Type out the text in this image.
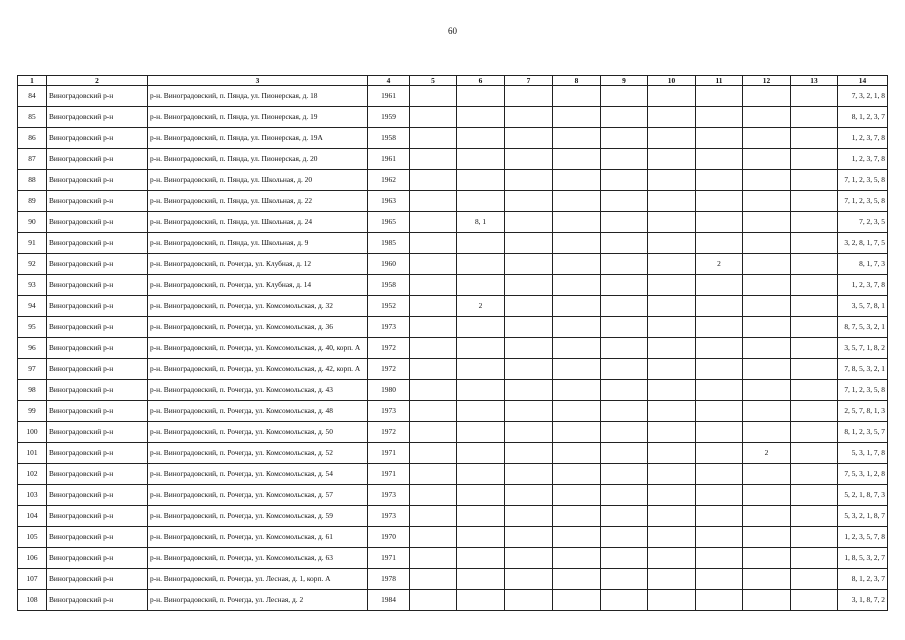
60
1	2	3	4	5	6	7	8	9	10	11	12	13	14
84	Виноградовский р-н	р-н. Виноградовский, п. Пянда, ул. Пионерская, д. 18	1961										7, 3, 2, 1, 8
85	Виноградовский р-н	р-н. Виноградовский, п. Пянда, ул. Пионерская, д. 19	1959										8, 1, 2, 3, 7
86	Виноградовский р-н	р-н. Виноградовский, п. Пянда, ул. Пионерская, д. 19А	1958										1, 2, 3, 7, 8
87	Виноградовский р-н	р-н. Виноградовский, п. Пянда, ул. Пионерская, д. 20	1961										1, 2, 3, 7, 8
88	Виноградовский р-н	р-н. Виноградовский, п. Пянда, ул. Школьная, д. 20	1962										7, 1, 2, 3, 5, 8
89	Виноградовский р-н	р-н. Виноградовский, п. Пянда, ул. Школьная, д. 22	1963										7, 1, 2, 3, 5, 8
90	Виноградовский р-н	р-н. Виноградовский, п. Пянда, ул. Школьная, д. 24	1965		8, 1								7, 2, 3, 5
91	Виноградовский р-н	р-н. Виноградовский, п. Пянда, ул. Школьная, д. 9	1985										3, 2, 8, 1, 7, 5
92	Виноградовский р-н	р-н. Виноградовский, п. Рочегда, ул. Клубная, д. 12	1960							2			8, 1, 7, 3
93	Виноградовский р-н	р-н. Виноградовский, п. Рочегда, ул. Клубная, д. 14	1958										1, 2, 3, 7, 8
94	Виноградовский р-н	р-н. Виноградовский, п. Рочегда, ул. Комсомольская, д. 32	1952		2								3, 5, 7, 8, 1
95	Виноградовский р-н	р-н. Виноградовский, п. Рочегда, ул. Комсомольская, д. 36	1973										8, 7, 5, 3, 2, 1
96	Виноградовский р-н	р-н. Виноградовский, п. Рочегда, ул. Комсомольская, д. 40, корп. А	1972										3, 5, 7, 1, 8, 2
97	Виноградовский р-н	р-н. Виноградовский, п. Рочегда, ул. Комсомольская, д. 42, корп. А	1972										7, 8, 5, 3, 2, 1
98	Виноградовский р-н	р-н. Виноградовский, п. Рочегда, ул. Комсомольская, д. 43	1980										7, 1, 2, 3, 5, 8
99	Виноградовский р-н	р-н. Виноградовский, п. Рочегда, ул. Комсомольская, д. 48	1973										2, 5, 7, 8, 1, 3
100	Виноградовский р-н	р-н. Виноградовский, п. Рочегда, ул. Комсомольская, д. 50	1972										8, 1, 2, 3, 5, 7
101	Виноградовский р-н	р-н. Виноградовский, п. Рочегда, ул. Комсомольская, д. 52	1971								2		5, 3, 1, 7, 8
102	Виноградовский р-н	р-н. Виноградовский, п. Рочегда, ул. Комсомольская, д. 54	1971										7, 5, 3, 1, 2, 8
103	Виноградовский р-н	р-н. Виноградовский, п. Рочегда, ул. Комсомольская, д. 57	1973										5, 2, 1, 8, 7, 3
104	Виноградовский р-н	р-н. Виноградовский, п. Рочегда, ул. Комсомольская, д. 59	1973										5, 3, 2, 1, 8, 7
105	Виноградовский р-н	р-н. Виноградовский, п. Рочегда, ул. Комсомольская, д. 61	1970										1, 2, 3, 5, 7, 8
106	Виноградовский р-н	р-н. Виноградовский, п. Рочегда, ул. Комсомольская, д. 63	1971										1, 8, 5, 3, 2, 7
107	Виноградовский р-н	р-н. Виноградовский, п. Рочегда, ул. Лесная, д. 1, корп. А	1978										8, 1, 2, 3, 7
108	Виноградовский р-н	р-н. Виноградовский, п. Рочегда, ул. Лесная, д. 2	1984										3, 1, 8, 7, 2
